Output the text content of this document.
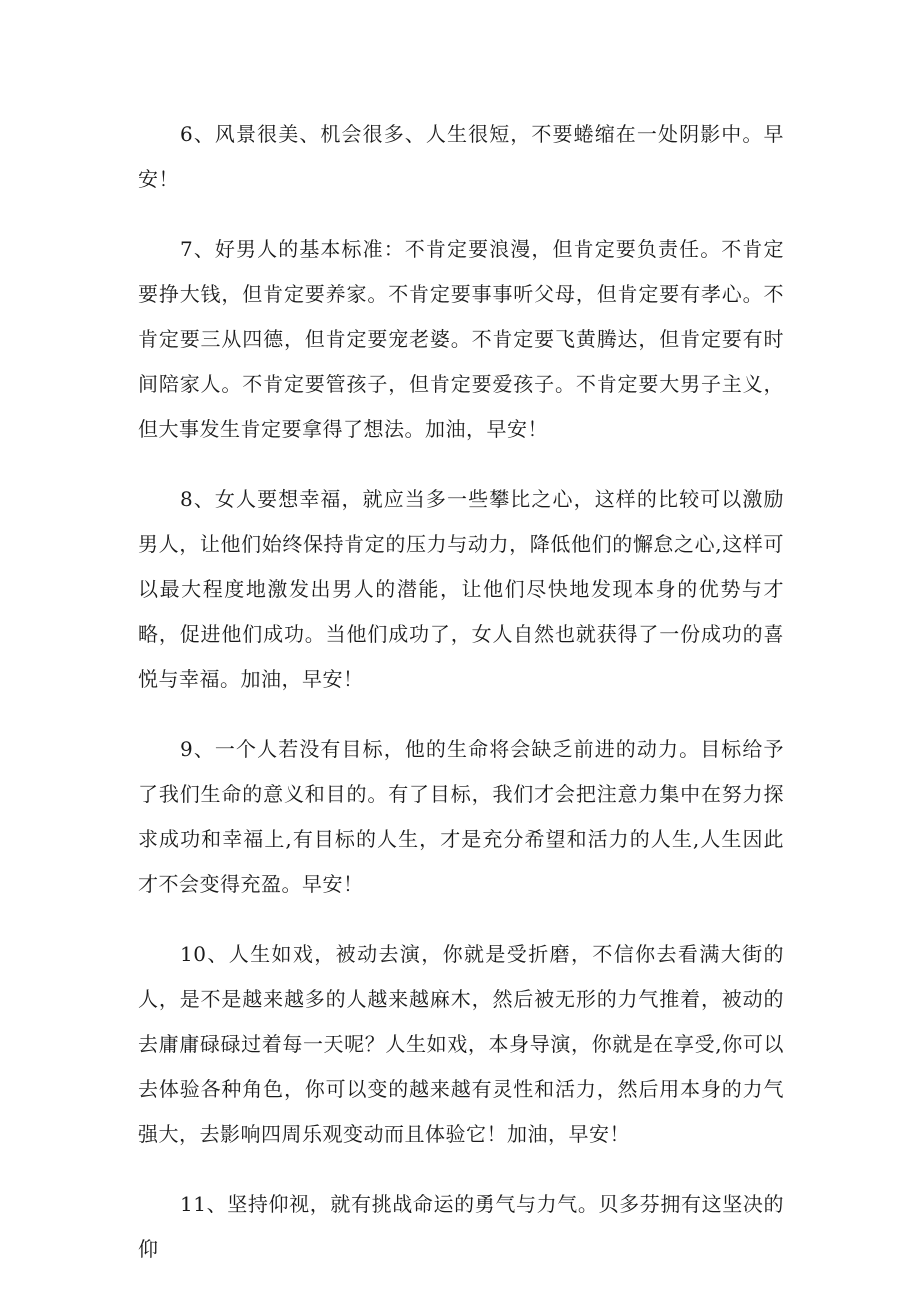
6、风景很美、机会很多、人生很短，不要蜷缩在一处阴影中。早安！

7、好男人的基本标准：不肯定要浪漫，但肯定要负责任。不肯定要挣大钱，但肯定要养家。不肯定要事事听父母，但肯定要有孝心。不肯定要三从四德，但肯定要宠老婆。不肯定要飞黄腾达，但肯定要有时间陪家人。不肯定要管孩子，但肯定要爱孩子。不肯定要大男子主义，但大事发生肯定要拿得了想法。加油，早安！

8、女人要想幸福，就应当多一些攀比之心，这样的比较可以激励男人，让他们始终保持肯定的压力与动力，降低他们的懈怠之心,这样可以最大程度地激发出男人的潜能，让他们尽快地发现本身的优势与才略，促进他们成功。当他们成功了，女人自然也就获得了一份成功的喜悦与幸福。加油，早安！

9、一个人若没有目标，他的生命将会缺乏前进的动力。目标给予了我们生命的意义和目的。有了目标，我们才会把注意力集中在努力探求成功和幸福上,有目标的人生，才是充分希望和活力的人生,人生因此才不会变得充盈。早安！

10、人生如戏，被动去演，你就是受折磨，不信你去看满大街的人，是不是越来越多的人越来越麻木，然后被无形的力气推着，被动的去庸庸碌碌过着每一天呢？人生如戏，本身导演，你就是在享受,你可以去体验各种角色，你可以变的越来越有灵性和活力，然后用本身的力气强大，去影响四周乐观变动而且体验它！加油，早安！

11、坚持仰视，就有挑战命运的勇气与力气。贝多芬拥有这坚决的仰
